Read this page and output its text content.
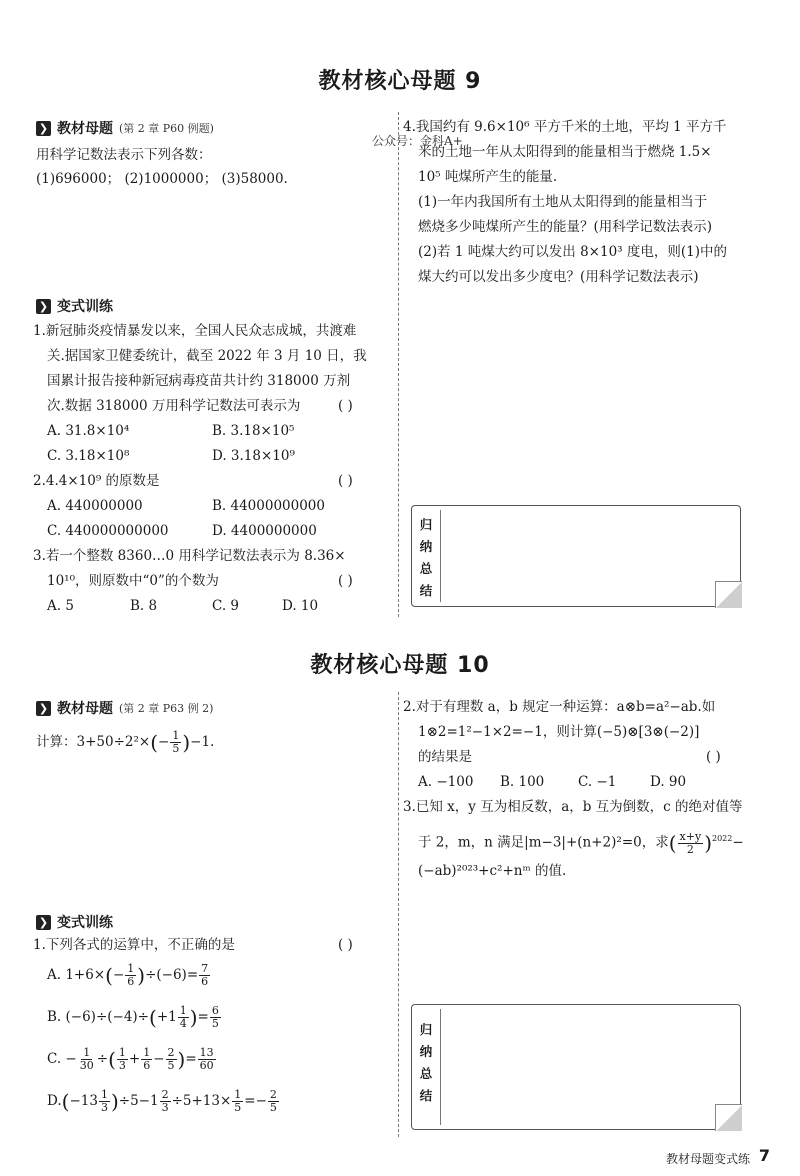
教材核心母题 9
❯ 教材母题 (第 2 章 P60 例题)
用科学记数法表示下列各数：
(1)696000； (2)1000000； (3)58000.
公众号：金科A+
❯ 变式训练
1.新冠肺炎疫情暴发以来，全国人民众志成城，共渡难
关.据国家卫健委统计，截至 2022 年 3 月 10 日，我
国累计报告接种新冠病毒疫苗共计约 318000 万剂
次.数据 318000 万用科学记数法可表示为	( )
A. 31.8×10⁴	B. 3.18×10⁵
C. 3.18×10⁸	D. 3.18×10⁹
2.4.4×10⁹ 的原数是	( )
A. 440000000	B. 44000000000
C. 440000000000	D. 4400000000
3.若一个整数 8360…0 用科学记数法表示为 8.36×
10¹⁰，则原数中“0”的个数为	( )
A. 5	B. 8	C. 9	D. 10
4.我国约有 9.6×10⁶ 平方千米的土地，平均 1 平方千
米的土地一年从太阳得到的能量相当于燃烧 1.5×
10⁵ 吨煤所产生的能量.
(1)一年内我国所有土地从太阳得到的能量相当于
燃烧多少吨煤所产生的能量？(用科学记数法表示)
(2)若 1 吨煤大约可以发出 8×10³ 度电，则(1)中的
煤大约可以发出多少度电？(用科学记数法表示)
归
纳
总
结
教材核心母题 10
❯ 教材母题 (第 2 章 P63 例 2)
计算：$3+50\div 2^2\times(- \frac{1}{5} )-1$.
❯ 变式训练
1.下列各式的运算中，不正确的是	( )
A. $1+6\times(- \frac{1}{6} )\div(-6)= \frac{7}{6}$
B. $(-6)\div(-4)\div(+1 \frac{1}{4}$ )= $\frac{6}{5}$
C. − $\frac{1}{30}$ ÷( $\frac{1}{3} + \frac{1}{6} - \frac{2}{5}$ )= $\frac{13}{60}$
$D.(-13 \frac{1}{3} )\div 5-1 \frac{2}{3} \div 5+13\times \frac{1}{5} =- \frac{2}{5}$
2.对于有理数 a，b 规定一种运算：a⊗b=a²−ab.如
1⊗2=1²−1×2=−1，则计算(−5)⊗[3⊗(−2)]
的结果是	( )
A. −100 B. 100 C. −1 D. 90
3.已知 x，y 互为相反数，a，b 互为倒数，c 的绝对值等
于 2，m，n 满足|m−3|+(n+2)²=0，求( $\frac{x+y}{2} )^{2022}-$
(−ab)²⁰²³+c²+nᵐ 的值.
归
纳
总
结
教材母题变式练 7
